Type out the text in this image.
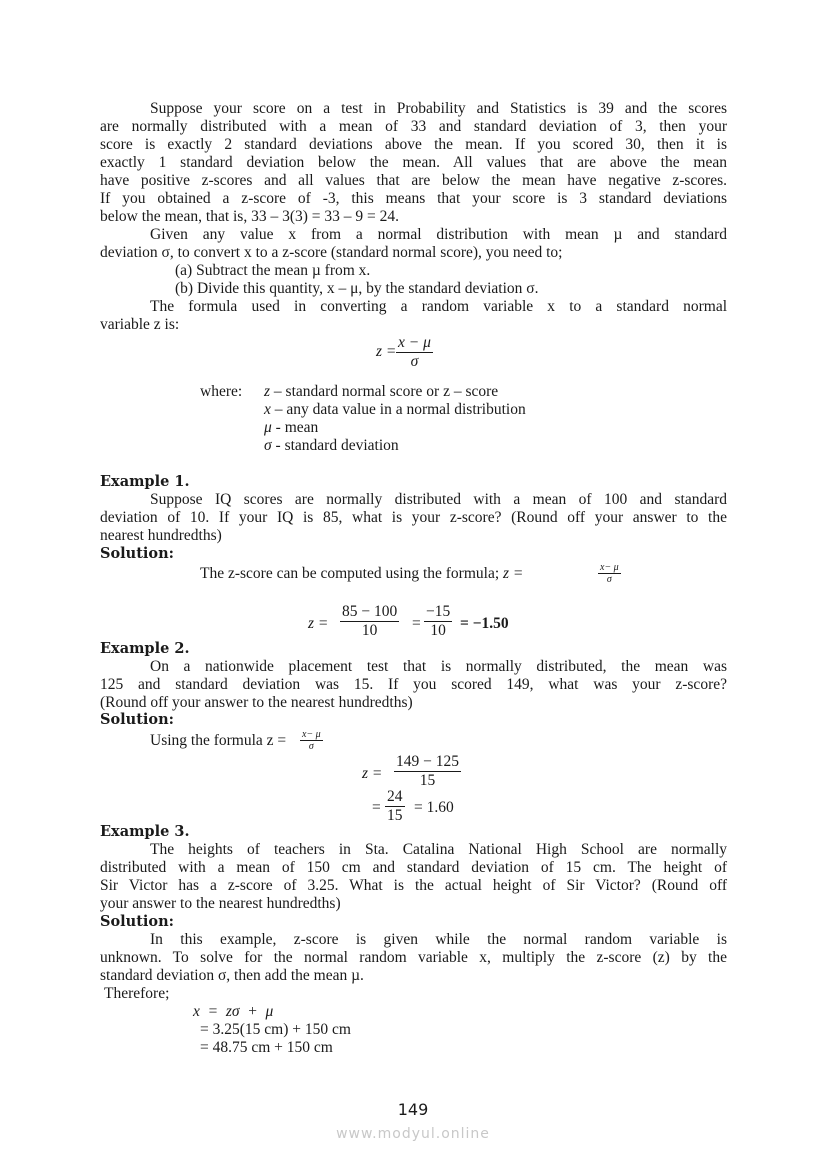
Suppose your score on a test in Probability and Statistics is 39 and the scores
are normally distributed with a mean of 33 and standard deviation of 3, then your
score is exactly 2 standard deviations above the mean. If you scored 30, then it is
exactly 1 standard deviation below the mean. All values that are above the mean
have positive z-scores and all values that are below the mean have negative z-scores.
If you obtained a z-score of -3, this means that your score is 3 standard deviations
below the mean, that is, 33 – 3(3) = 33 – 9 = 24.
Given any value x from a normal distribution with mean µ and standard
deviation σ, to convert x to a z-score (standard normal score), you need to;
(a) Subtract the mean µ from x.
(b) Divide this quantity, x – μ, by the standard deviation σ.
The formula used in converting a random variable x to a standard normal
variable z is:
$z = \frac{x - \mu}{\sigma}$
where: z – standard normal score or z – score
x – any data value in a normal distribution
μ - mean
σ - standard deviation
Example 1.
Suppose IQ scores are normally distributed with a mean of 100 and standard
deviation of 10. If your IQ is 85, what is your z-score? (Round off your answer to the
nearest hundredths)
Solution:
The z-score can be computed using the formula; z =	$\frac{x- \mu}{\sigma}$
$z = \frac{85 - 100}{10} = \frac{-15}{10} = -1.50$
Example 2.
On a nationwide placement test that is normally distributed, the mean was
125 and standard deviation was 15. If you scored 149, what was your z-score?
(Round off your answer to the nearest hundredths)
Solution:
Using the formula $z = \frac{x- \mu}{\sigma}$
$z = \frac{149 - 125}{15}$
= $\frac{24}{15} = 1.60$
Example 3.
The heights of teachers in Sta. Catalina National High School are normally
distributed with a mean of 150 cm and standard deviation of 15 cm. The height of
Sir Victor has a z-score of 3.25. What is the actual height of Sir Victor? (Round off
your answer to the nearest hundredths)
Solution:
In this example, z-score is given while the normal random variable is
unknown. To solve for the normal random variable x, multiply the z-score (z) by the
standard deviation σ, then add the mean µ.
Therefore;
x  =  zσ  +  μ
= 3.25(15 cm) + 150 cm
= 48.75 cm + 150 cm
149
www.modyul.online
